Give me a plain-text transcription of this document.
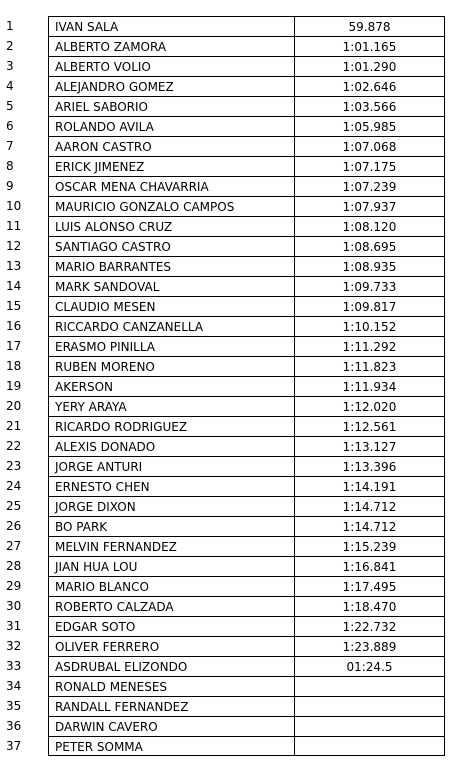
1	IVAN SALA	59.878
2	ALBERTO ZAMORA	1:01.165
3	ALBERTO VOLIO	1:01.290
4	ALEJANDRO GOMEZ	1:02.646
5	ARIEL SABORIO	1:03.566
6	ROLANDO AVILA	1:05.985
7	AARON CASTRO	1:07.068
8	ERICK JIMENEZ	1:07.175
9	OSCAR MENA CHAVARRIA	1:07.239
10	MAURICIO GONZALO CAMPOS	1:07.937
11	LUIS ALONSO CRUZ	1:08.120
12	SANTIAGO CASTRO	1:08.695
13	MARIO BARRANTES	1:08.935
14	MARK SANDOVAL	1:09.733
15	CLAUDIO MESEN	1:09.817
16	RICCARDO CANZANELLA	1:10.152
17	ERASMO PINILLA	1:11.292
18	RUBEN MORENO	1:11.823
19	AKERSON	1:11.934
20	YERY ARAYA	1:12.020
21	RICARDO RODRIGUEZ	1:12.561
22	ALEXIS DONADO	1:13.127
23	JORGE ANTURI	1:13.396
24	ERNESTO CHEN	1:14.191
25	JORGE DIXON	1:14.712
26	BO PARK	1:14.712
27	MELVIN FERNANDEZ	1:15.239
28	JIAN HUA LOU	1:16.841
29	MARIO BLANCO	1:17.495
30	ROBERTO CALZADA	1:18.470
31	EDGAR SOTO	1:22.732
32	OLIVER FERRERO	1:23.889
33	ASDRUBAL ELIZONDO	01:24.5
34	RONALD MENESES
35	RANDALL FERNANDEZ
36	DARWIN CAVERO
37	PETER SOMMA
